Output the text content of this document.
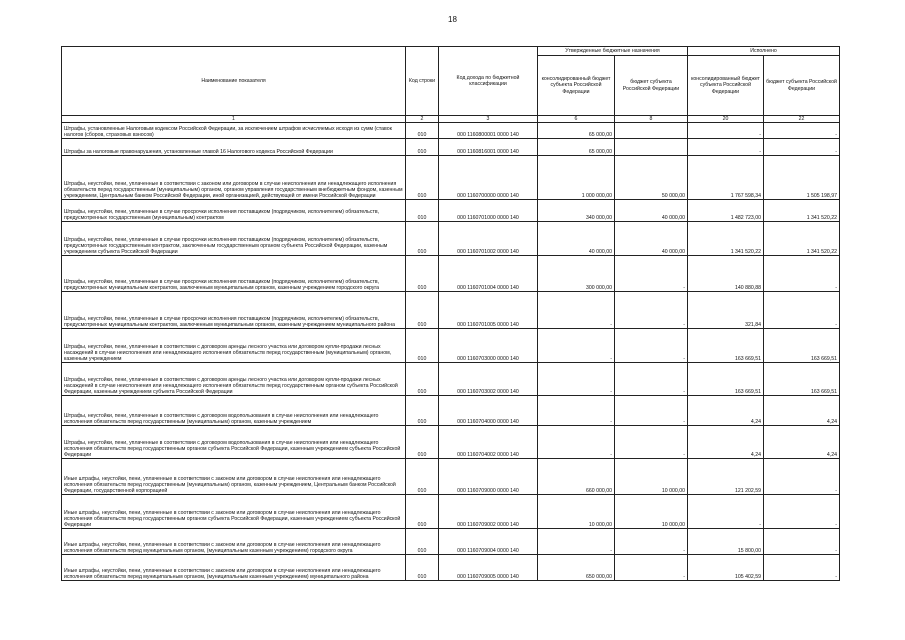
18
Наименование показателя	Код строки	Код дохода по бюджетной классификации	Утвержденные бюджетные назначения		Исполнено	
			консолидированный бюджет субъекта Российской Федерации	бюджет субъекта Российской Федерации	консолидированный бюджет субъекта Российской Федерации	бюджет субъекта Российской Федерации
1	2	3	6	8	20	22
Штрафы, установленные Налоговым кодексом Российской Федерации, за исключением штрафов исчисляемых исходя из сумм (ставок налогов (сборов, страховых взносов)	010	000 1160800001 0000 140	65 000,00		-	-
Штрафы за налоговые правонарушения, установленные главой 16 Налогового кодекса Российской Федерации	010	000 1160816001 0000 140	65 000,00		-	-
Штрафы, неустойки, пени, уплаченные в соответствии с законом или договором в случае неисполнения или ненадлежащего исполнения обязательств перед государственным (муниципальным) органом, органом управления государственным внебюджетным фондом, казенным учреждением, Центральным банком Российской Федерации, иной организацией, действующей от имени Российской Федерации	010	000 1160700000 0000 140	1 000 000,00	50 000,00	1 767 598,34	1 505 198,97
Штрафы, неустойки, пени, уплаченные в случае просрочки исполнения поставщиком (подрядчиком, исполнителем) обязательств, предусмотренных государственным (муниципальным) контрактом	010	000 1160701000 0000 140	340 000,00	40 000,00	1 482 723,00	1 341 520,22
Штрафы, неустойки, пени, уплаченные в случае просрочки исполнения поставщиком (подрядчиком, исполнителем) обязательств, предусмотренных государственным контрактом, заключенным государственным органом субъекта Российской Федерации, казенным учреждением субъекта Российской Федерации	010	000 1160701002 0000 140	40 000,00	40 000,00	1 341 520,22	1 341 520,22
Штрафы, неустойки, пени, уплаченные в случае просрочки исполнения поставщиком (подрядчиком, исполнителем) обязательств, предусмотренных муниципальным контрактом, заключенным муниципальным органом, казенным учреждением городского округа	010	000 1160701004 0000 140	300 000,00	-	140 880,88	-
Штрафы, неустойки, пени, уплаченные в случае просрочки исполнения поставщиком (подрядчиком, исполнителем) обязательств, предусмотренных муниципальным контрактом, заключенным муниципальным органом, казенным учреждением муниципального района	010	000 1160701005 0000 140	-	-	321,84	-
Штрафы, неустойки, пени, уплаченные в соответствии с договором аренды лесного участка или договором купли-продажи лесных насаждений в случае неисполнения или ненадлежащего исполнения обязательств перед государственным (муниципальным) органом, казенным учреждением	010	000 1160703000 0000 140	-	-	163 669,51	163 669,51
Штрафы, неустойки, пени, уплаченные в соответствии с договором аренды лесного участка или договором купли-продажи лесных насаждений в случае неисполнения или ненадлежащего исполнения обязательств перед государственным органом субъекта Российской Федерации, казенным учреждением субъекта Российской Федерации	010	000 1160703002 0000 140	-	-	163 669,51	163 669,51
Штрафы, неустойки, пени, уплаченные в соответствии с договором водопользования в случае неисполнения или ненадлежащего исполнения обязательств перед государственным (муниципальным) органом, казенным учреждением	010	000 1160704000 0000 140	-	-	4,24	4,24
Штрафы, неустойки, пени, уплаченные в соответствии с договором водопользования в случае неисполнения или ненадлежащего исполнения обязательств перед государственным органом субъекта Российской Федерации, казенным учреждением субъекта Российской Федерации	010	000 1160704002 0000 140	-	-	4,24	4,24
Иные штрафы, неустойки, пени, уплаченные в соответствии с законом или договором в случае неисполнения или ненадлежащего исполнения обязательств перед государственным (муниципальным) органом, казенным учреждением, Центральным банком Российской Федерации, государственной корпорацией	010	000 1160709000 0000 140	660 000,00	10 000,00	121 202,59	-
Иные штрафы, неустойки, пени, уплаченные в соответствии с законом или договором в случае неисполнения или ненадлежащего исполнения обязательств перед государственным органом субъекта Российской Федерации, казенным учреждением субъекта Российской Федерации	010	000 1160709002 0000 140	10 000,00	10 000,00	-	-
Иные штрафы, неустойки, пени, уплаченные в соответствии с законом или договором в случае неисполнения или ненадлежащего исполнения обязательств перед муниципальным органом, (муниципальным казенным учреждением) городского округа	010	000 1160709004 0000 140	-	-	15 800,00	-
Иные штрафы, неустойки, пени, уплаченные в соответствии с законом или договором в случае неисполнения или ненадлежащего исполнения обязательств перед муниципальным органом, (муниципальным казенным учреждением) муниципального района	010	000 1160709005 0000 140	650 000,00	-	105 402,59	-
